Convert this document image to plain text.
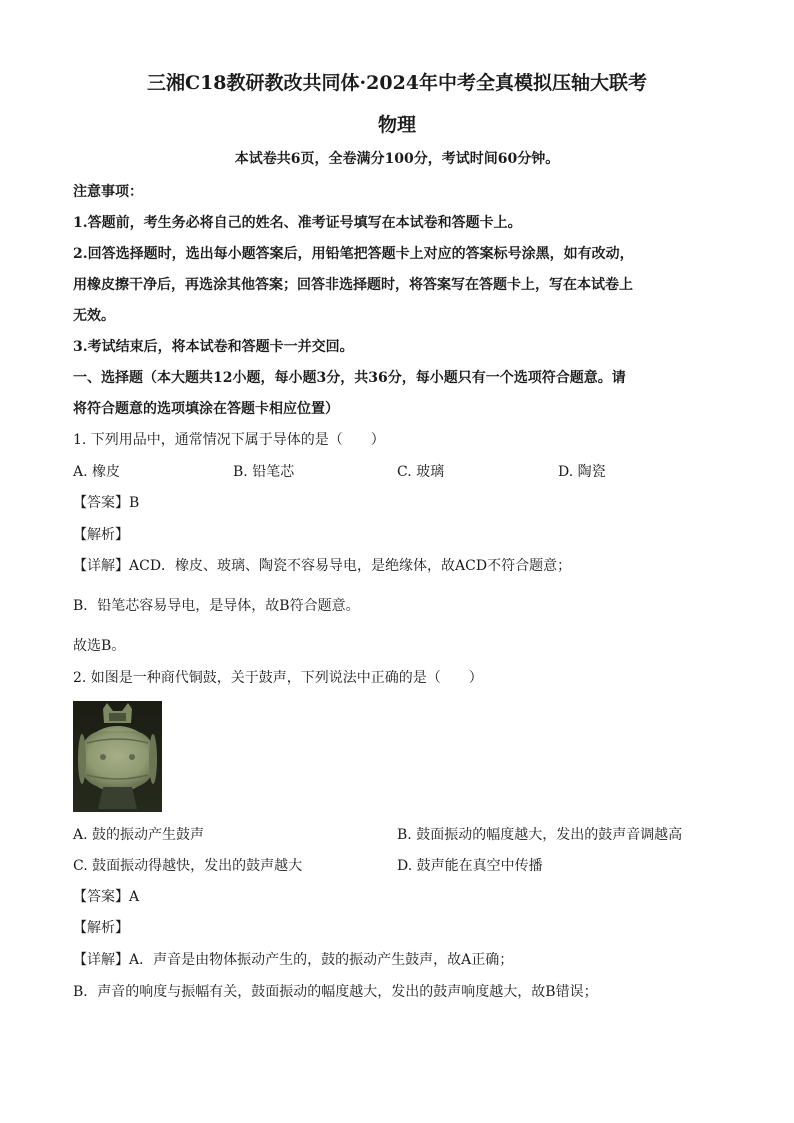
三湘C18教研教改共同体·2024年中考全真模拟压轴大联考
物理
本试卷共6页，全卷满分100分，考试时间60分钟。
注意事项：
1.答题前，考生务必将自己的姓名、准考证号填写在本试卷和答题卡上。
2.回答选择题时，选出每小题答案后，用铅笔把答题卡上对应的答案标号涂黑，如有改动，
用橡皮擦干净后，再选涂其他答案；回答非选择题时，将答案写在答题卡上，写在本试卷上
无效。
3.考试结束后，将本试卷和答题卡一并交回。
一、选择题（本大题共12小题，每小题3分，共36分，每小题只有一个选项符合题意。请
将符合题意的选项填涂在答题卡相应位置）
1. 下列用品中，通常情况下属于导体的是（　　）
A. 橡皮	B. 铅笔芯	C. 玻璃	D. 陶瓷
【答案】B
【解析】
【详解】ACD．橡皮、玻璃、陶瓷不容易导电，是绝缘体，故ACD不符合题意；
B．铅笔芯容易导电，是导体，故B符合题意。
故选B。
2. 如图是一种商代铜鼓，关于鼓声，下列说法中正确的是（　　）
A. 鼓的振动产生鼓声	B. 鼓面振动的幅度越大，发出的鼓声音调越高
C. 鼓面振动得越快，发出的鼓声越大	D. 鼓声能在真空中传播
【答案】A
【解析】
【详解】A．声音是由物体振动产生的，鼓的振动产生鼓声，故A正确；
B．声音的响度与振幅有关，鼓面振动的幅度越大，发出的鼓声响度越大，故B错误；
